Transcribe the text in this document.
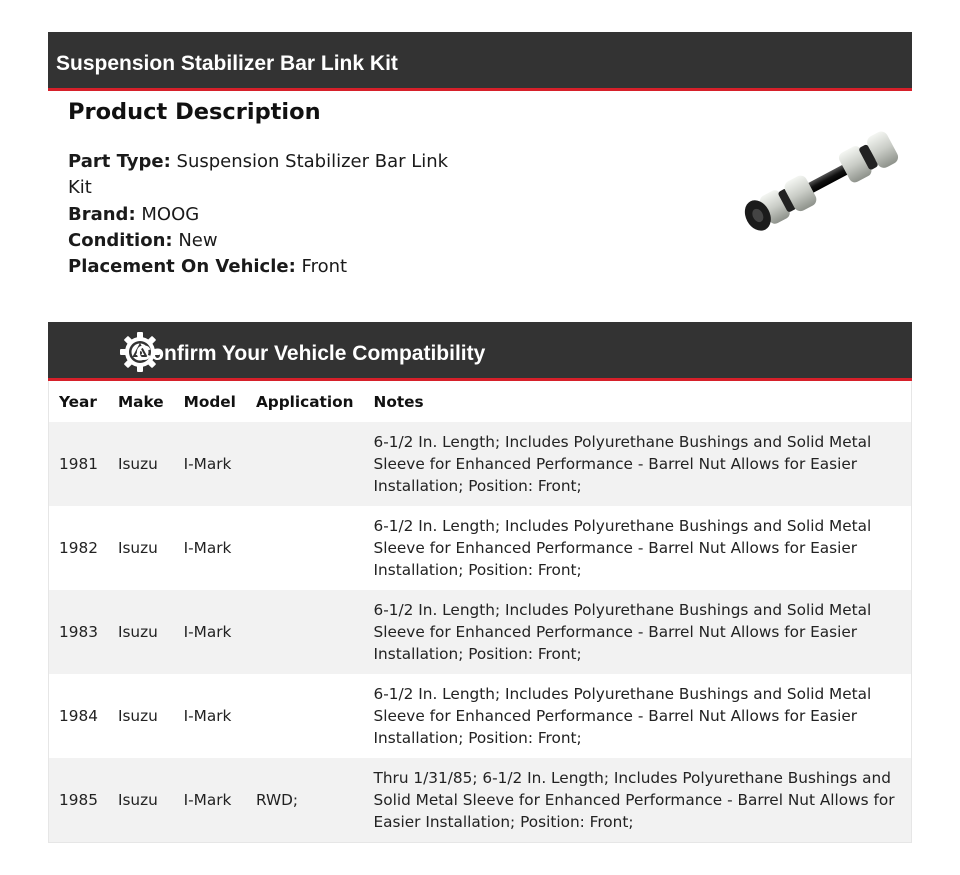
Suspension Stabilizer Bar Link Kit
Product Description
Part Type: Suspension Stabilizer Bar Link Kit
Brand: MOOG
Condition: New
Placement On Vehicle: Front
Confirm Your Vehicle Compatibility
Year	Make	Model	Application	Notes
1981	Isuzu	I-Mark		6-1/2 In. Length; Includes Polyurethane Bushings and Solid Metal Sleeve for Enhanced Performance - Barrel Nut Allows for Easier Installation; Position: Front;
1982	Isuzu	I-Mark		6-1/2 In. Length; Includes Polyurethane Bushings and Solid Metal Sleeve for Enhanced Performance - Barrel Nut Allows for Easier Installation; Position: Front;
1983	Isuzu	I-Mark		6-1/2 In. Length; Includes Polyurethane Bushings and Solid Metal Sleeve for Enhanced Performance - Barrel Nut Allows for Easier Installation; Position: Front;
1984	Isuzu	I-Mark		6-1/2 In. Length; Includes Polyurethane Bushings and Solid Metal Sleeve for Enhanced Performance - Barrel Nut Allows for Easier Installation; Position: Front;
1985	Isuzu	I-Mark	RWD;	Thru 1/31/85; 6-1/2 In. Length; Includes Polyurethane Bushings and Solid Metal Sleeve for Enhanced Performance - Barrel Nut Allows for Easier Installation; Position: Front;
